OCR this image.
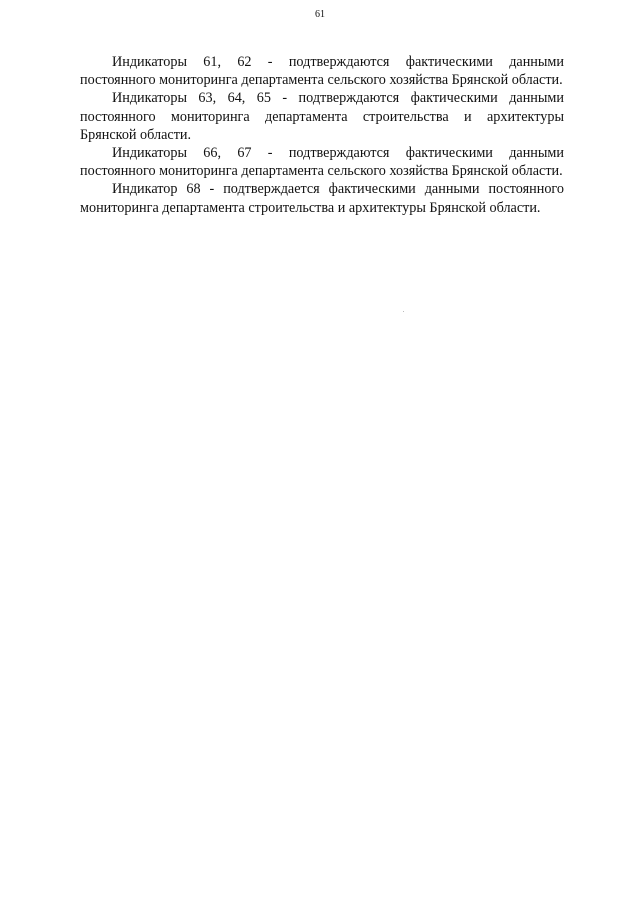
61

Индикаторы 61, 62 - подтверждаются фактическими данными постоянного мониторинга департамента сельского хозяйства Брянской области.

Индикаторы 63, 64, 65 - подтверждаются фактическими данными постоянного мониторинга департамента строительства и архитектуры Брянской области.

Индикаторы 66, 67 - подтверждаются фактическими данными постоянного мониторинга департамента сельского хозяйства Брянской области.

Индикатор 68 - подтверждается фактическими данными постоянного мониторинга департамента строительства и архитектуры Брянской области.
